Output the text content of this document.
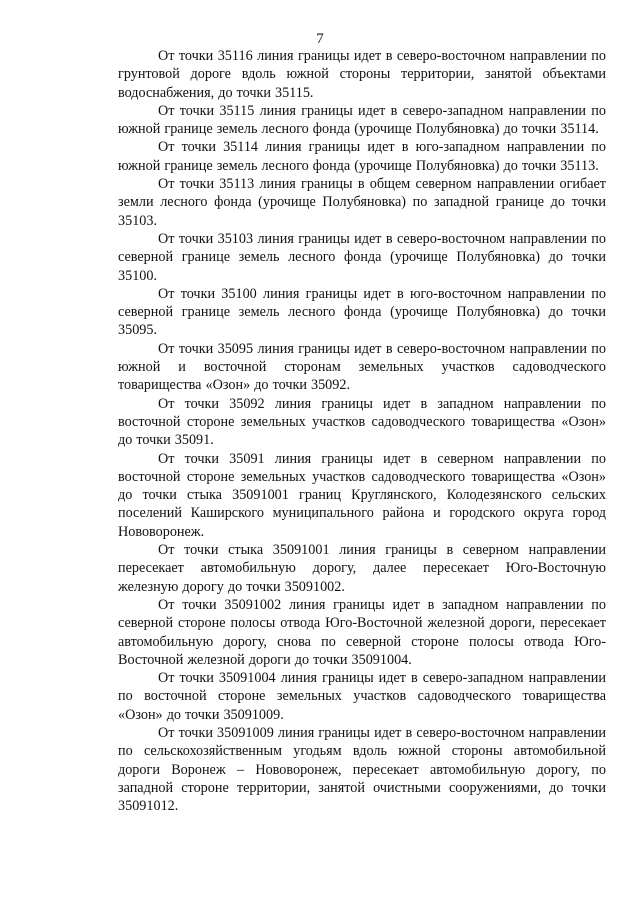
7

От точки 35116 линия границы идет в северо-восточном направлении по грунтовой дороге вдоль южной стороны территории, занятой объектами водоснабжения, до точки 35115.

От точки 35115 линия границы идет в северо-западном направлении по южной границе земель лесного фонда (урочище Полубяновка) до точки 35114.

От точки 35114 линия границы идет в юго-западном направлении по южной границе земель лесного фонда (урочище Полубяновка) до точки 35113.

От точки 35113 линия границы в общем северном направлении огибает земли лесного фонда (урочище Полубяновка) по западной границе до точки 35103.

От точки 35103 линия границы идет в северо-восточном направлении по северной границе земель лесного фонда (урочище Полубяновка) до точки 35100.

От точки 35100 линия границы идет в юго-восточном направлении по северной границе земель лесного фонда (урочище Полубяновка) до точки 35095.

От точки 35095 линия границы идет в северо-восточном направлении по южной и восточной сторонам земельных участков садоводческого товарищества «Озон» до точки 35092.

От точки 35092 линия границы идет в западном направлении по восточной стороне земельных участков садоводческого товарищества «Озон» до точки 35091.

От точки 35091 линия границы идет в северном направлении по восточной стороне земельных участков садоводческого товарищества «Озон» до точки стыка 35091001 границ Круглянского, Колодезянского сельских поселений Каширского муниципального района и городского округа город Нововоронеж.

От точки стыка 35091001 линия границы в северном направлении пересекает автомобильную дорогу, далее пересекает Юго-Восточную железную дорогу до точки 35091002.

От точки 35091002 линия границы идет в западном направлении по северной стороне полосы отвода Юго-Восточной железной дороги, пересекает автомобильную дорогу, снова по северной стороне полосы отвода Юго-Восточной железной дороги до точки 35091004.

От точки 35091004 линия границы идет в северо-западном направлении по восточной стороне земельных участков садоводческого товарищества «Озон» до точки 35091009.

От точки 35091009 линия границы идет в северо-восточном направлении по сельскохозяйственным угодьям вдоль южной стороны автомобильной дороги Воронеж – Нововоронеж, пересекает автомобильную дорогу, по западной стороне территории, занятой очистными сооружениями, до точки 35091012.
